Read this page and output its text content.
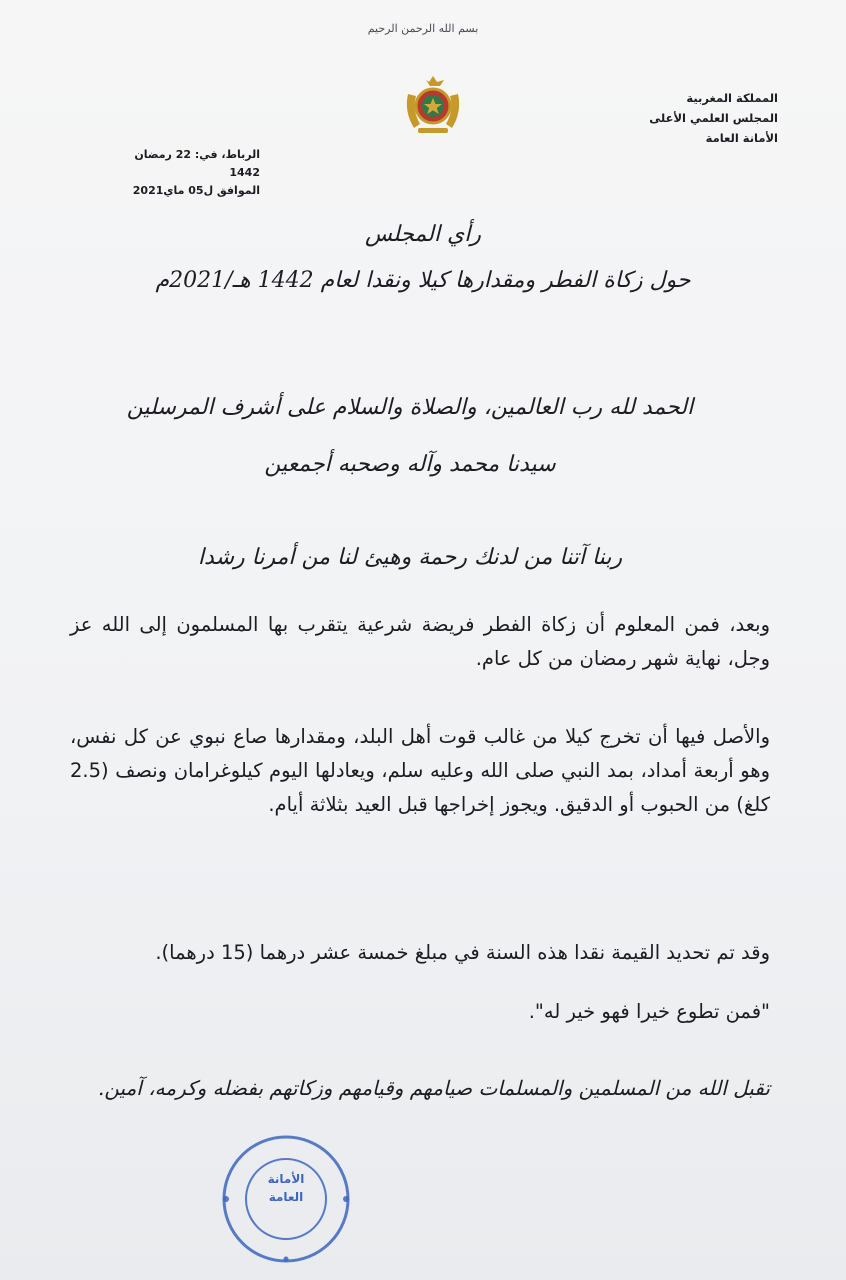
بسم الله الرحمن الرحيم
المملكة المغربية
المجلس العلمي الأعلى
الأمانة العامة
الرباط، في: 22 رمضان 1442
الموافق ل05 ماي2021
رأي المجلس
حول زكاة الفطر ومقدارها كيلا ونقدا لعام 1442 هـ/2021م
الحمد لله رب العالمين، والصلاة والسلام على أشرف المرسلين
سيدنا محمد وآله وصحبه أجمعين
ربنا آتنا من لدنك رحمة وهيئ لنا من أمرنا رشدا
وبعد، فمن المعلوم أن زكاة الفطر فريضة شرعية يتقرب بها المسلمون إلى الله عز وجل، نهاية شهر رمضان من كل عام.
والأصل فيها أن تخرج كيلا من غالب قوت أهل البلد، ومقدارها صاع نبوي عن كل نفس، وهو أربعة أمداد، بمد النبي صلى الله وعليه سلم، ويعادلها اليوم كيلوغرامان ونصف (2.5 كلغ) من الحبوب أو الدقيق. ويجوز إخراجها قبل العيد بثلاثة أيام.
وقد تم تحديد القيمة نقدا هذه السنة في مبلغ خمسة عشر درهما (15 درهما).
"فمن تطوع خيرا فهو خير له".
تقبل الله من المسلمين والمسلمات صيامهم وقيامهم وزكاتهم بفضله وكرمه، آمين.
الأمانة
العامة
